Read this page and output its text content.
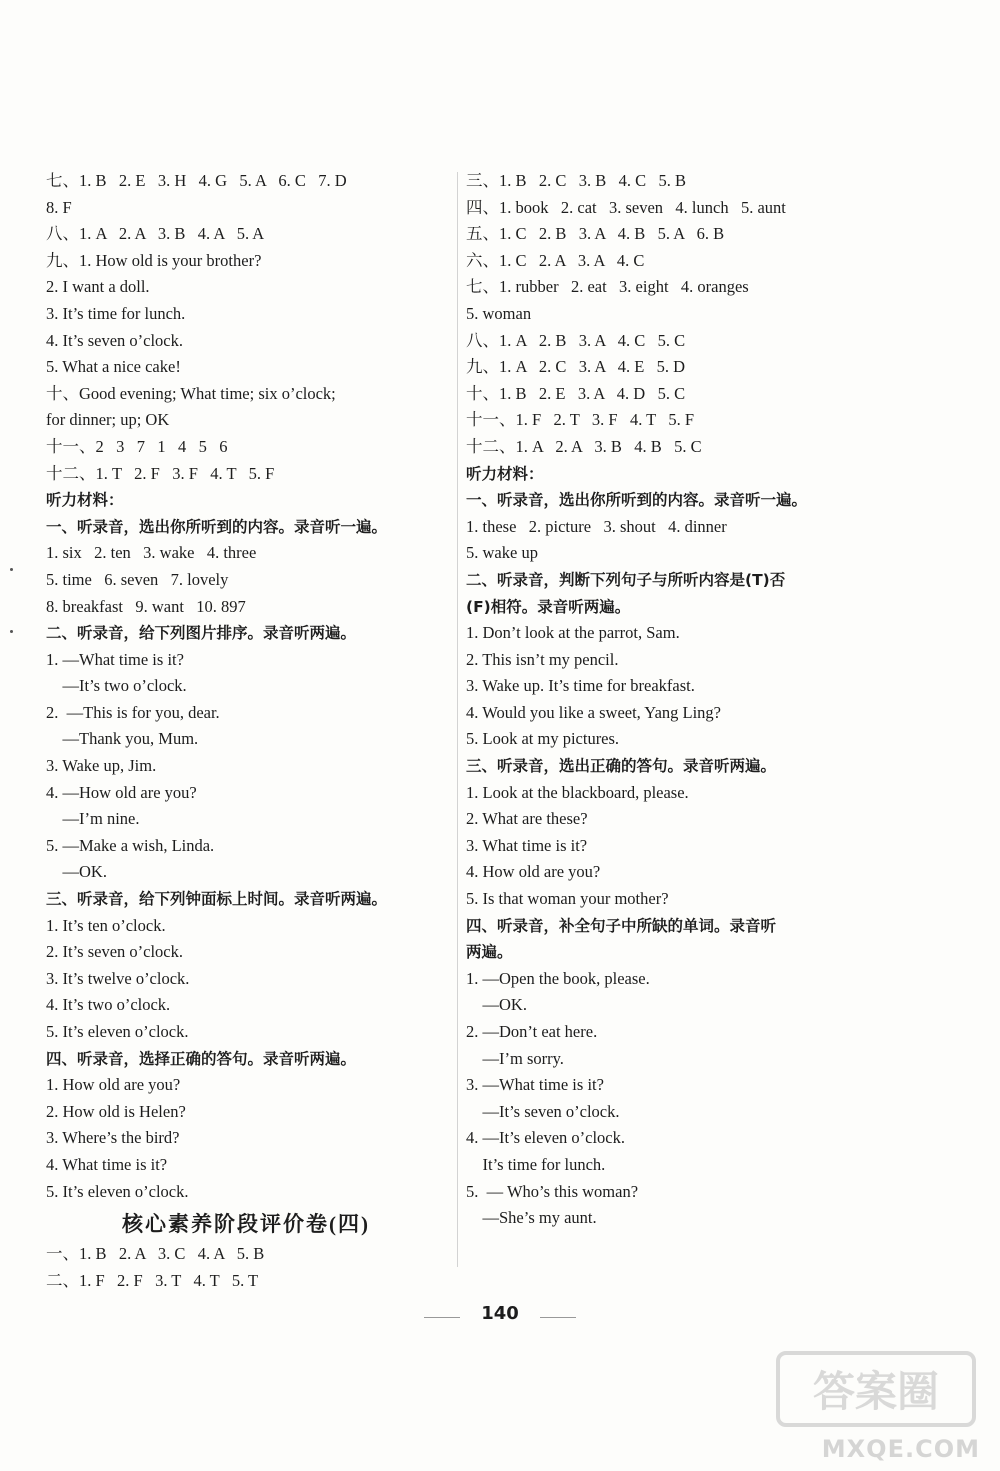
七、1. B   2. E   3. H   4. G   5. A   6. C   7. D
8. F
八、1. A   2. A   3. B   4. A   5. A
九、1. How old is your brother?
2. I want a doll.
3. It’s time for lunch.
4. It’s seven o’clock.
5. What a nice cake!
十、Good evening; What time; six o’clock;
for dinner; up; OK
十一、2   3   7   1   4   5   6
十二、1. T   2. F   3. F   4. T   5. F
听力材料：
一、听录音，选出你所听到的内容。录音听一遍。
1. six   2. ten   3. wake   4. three
5. time   6. seven   7. lovely
8. breakfast   9. want   10. 897
二、听录音，给下列图片排序。录音听两遍。
1. —What time is it?
—It’s two o’clock.
2.  —This is for you, dear.
—Thank you, Mum.
3. Wake up, Jim.
4. —How old are you?
—I’m nine.
5. —Make a wish, Linda.
—OK.
三、听录音，给下列钟面标上时间。录音听两遍。
1. It’s ten o’clock.
2. It’s seven o’clock.
3. It’s twelve o’clock.
4. It’s two o’clock.
5. It’s eleven o’clock.
四、听录音，选择正确的答句。录音听两遍。
1. How old are you?
2. How old is Helen?
3. Where’s the bird?
4. What time is it?
5. It’s eleven o’clock.
核心素养阶段评价卷(四)
一、1. B   2. A   3. C   4. A   5. B
二、1. F   2. F   3. T   4. T   5. T
三、1. B   2. C   3. B   4. C   5. B
四、1. book   2. cat   3. seven   4. lunch   5. aunt
五、1. C   2. B   3. A   4. B   5. A   6. B
六、1. C   2. A   3. A   4. C
七、1. rubber   2. eat   3. eight   4. oranges
5. woman
八、1. A   2. B   3. A   4. C   5. C
九、1. A   2. C   3. A   4. E   5. D
十、1. B   2. E   3. A   4. D   5. C
十一、1. F   2. T   3. F   4. T   5. F
十二、1. A   2. A   3. B   4. B   5. C
听力材料：
一、听录音，选出你所听到的内容。录音听一遍。
1. these   2. picture   3. shout   4. dinner
5. wake up
二、听录音，判断下列句子与所听内容是(T)否
(F)相符。录音听两遍。
1. Don’t look at the parrot, Sam.
2. This isn’t my pencil.
3. Wake up. It’s time for breakfast.
4. Would you like a sweet, Yang Ling?
5. Look at my pictures.
三、听录音，选出正确的答句。录音听两遍。
1. Look at the blackboard, please.
2. What are these?
3. What time is it?
4. How old are you?
5. Is that woman your mother?
四、听录音，补全句子中所缺的单词。录音听
两遍。
1. —Open the book, please.
—OK.
2. —Don’t eat here.
—I’m sorry.
3. —What time is it?
—It’s seven o’clock.
4. —It’s eleven o’clock.
It’s time for lunch.
5.  — Who’s this woman?
—She’s my aunt.
140
答案圈
MXQE.COM
